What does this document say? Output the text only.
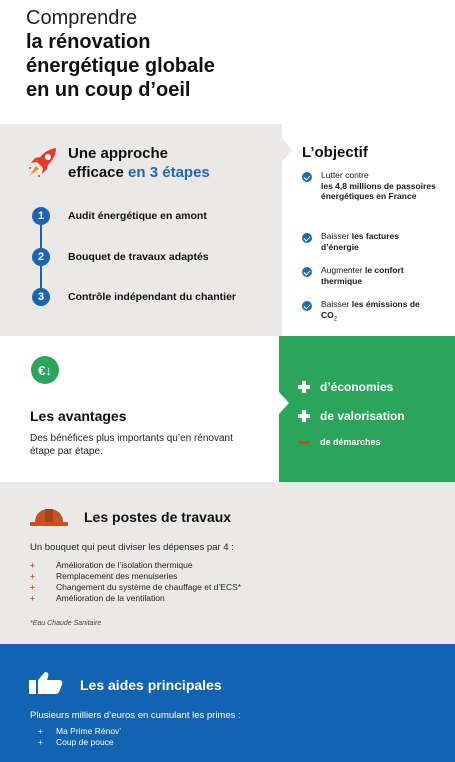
Comprendre
la rénovation
énergétique globale
en un coup d’oeil
Une approche
efficace en 3 étapes
1	Audit énergétique en amont
2	Bouquet de travaux adaptés
3	Contrôle indépendant du chantier
L’objectif
Lutter contre
les 4,8 millions de passoires énergétiques en France
Baisser les factures d’énergie
Augmenter le confort thermique
Baisser les émissions de $CO_2$
€↓
Les avantages
Des bénéfices plus importants qu’en rénovant étape par étape.
d’économies
de valorisation
de démarches
Les postes de travaux
Un bouquet qui peut diviser les dépenses par 4 :
+ Amélioration de l’isolation thermique
+ Remplacement des menuiseries
+ Changement du système de chauffage et d’ECS*
+ Amélioration de la ventilation
*Eau Chaude Sanitaire
Les aides principales
Plusieurs milliers d’euros en cumulant les primes :
+ Ma Prime Rénov’
+ Coup de pouce
